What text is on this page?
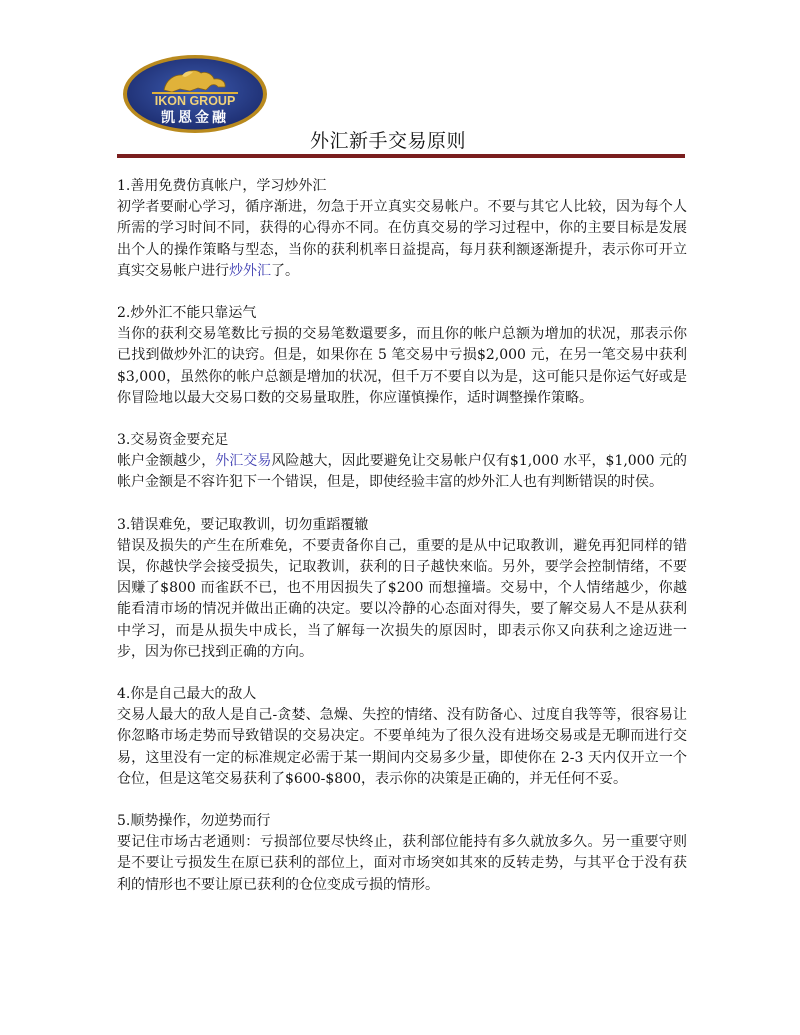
IKON GROUP
凯恩金融
外汇新手交易原则

1.善用免费仿真帐户，学习炒外汇

初学者要耐心学习，循序渐进，勿急于开立真实交易帐户。不要与其它人比较，因为每个人所需的学习时间不同，获得的心得亦不同。在仿真交易的学习过程中，你的主要目标是发展出个人的操作策略与型态，当你的获利机率日益提高，每月获利额逐渐提升，表示你可开立真实交易帐户进行炒外汇了。

2.炒外汇不能只靠运气

当你的获利交易笔数比亏损的交易笔数還要多，而且你的帐户总额为增加的状况，那表示你已找到做炒外汇的诀窍。但是，如果你在 5 笔交易中亏损$2,000 元，在另一笔交易中获利$3,000，虽然你的帐户总额是增加的状况，但千万不要自以为是，这可能只是你运气好或是你冒险地以最大交易口数的交易量取胜，你应谨慎操作，适时调整操作策略。

3.交易资金要充足

帐户金额越少，外汇交易风险越大，因此要避免让交易帐户仅有$1,000 水平，$1,000 元的帐户金额是不容许犯下一个错误，但是，即使经验丰富的炒外汇人也有判断错误的时侯。

3.错误难免，要记取教训，切勿重蹈覆辙

错误及损失的产生在所难免，不要责备你自己，重要的是从中记取教训，避免再犯同样的错误，你越快学会接受损失，记取教训，获利的日子越快來临。另外，要学会控制情绪，不要因赚了$800 而雀跃不已，也不用因损失了$200 而想撞墙。交易中，个人情绪越少，你越能看清市场的情况并做出正确的决定。要以冷静的心态面对得失，要了解交易人不是从获利中学习，而是从损失中成长，当了解每一次损失的原因时，即表示你又向获利之途迈进一步，因为你已找到正确的方向。

4.你是自己最大的敌人

交易人最大的敌人是自己-贪婪、急燥、失控的情绪、没有防备心、过度自我等等，很容易让你忽略市场走势而导致错误的交易决定。不要单纯为了很久没有进场交易或是无聊而进行交易，这里没有一定的标准规定必需于某一期间内交易多少量，即使你在 2-3 天内仅开立一个仓位，但是这笔交易获利了$600-$800，表示你的决策是正确的，并无任何不妥。

5.顺势操作，勿逆势而行

要记住市场古老通则：亏损部位要尽快终止，获利部位能持有多久就放多久。另一重要守则是不要让亏损发生在原已获利的部位上，面对市场突如其來的反转走势，与其平仓于没有获利的情形也不要让原已获利的仓位变成亏损的情形。
